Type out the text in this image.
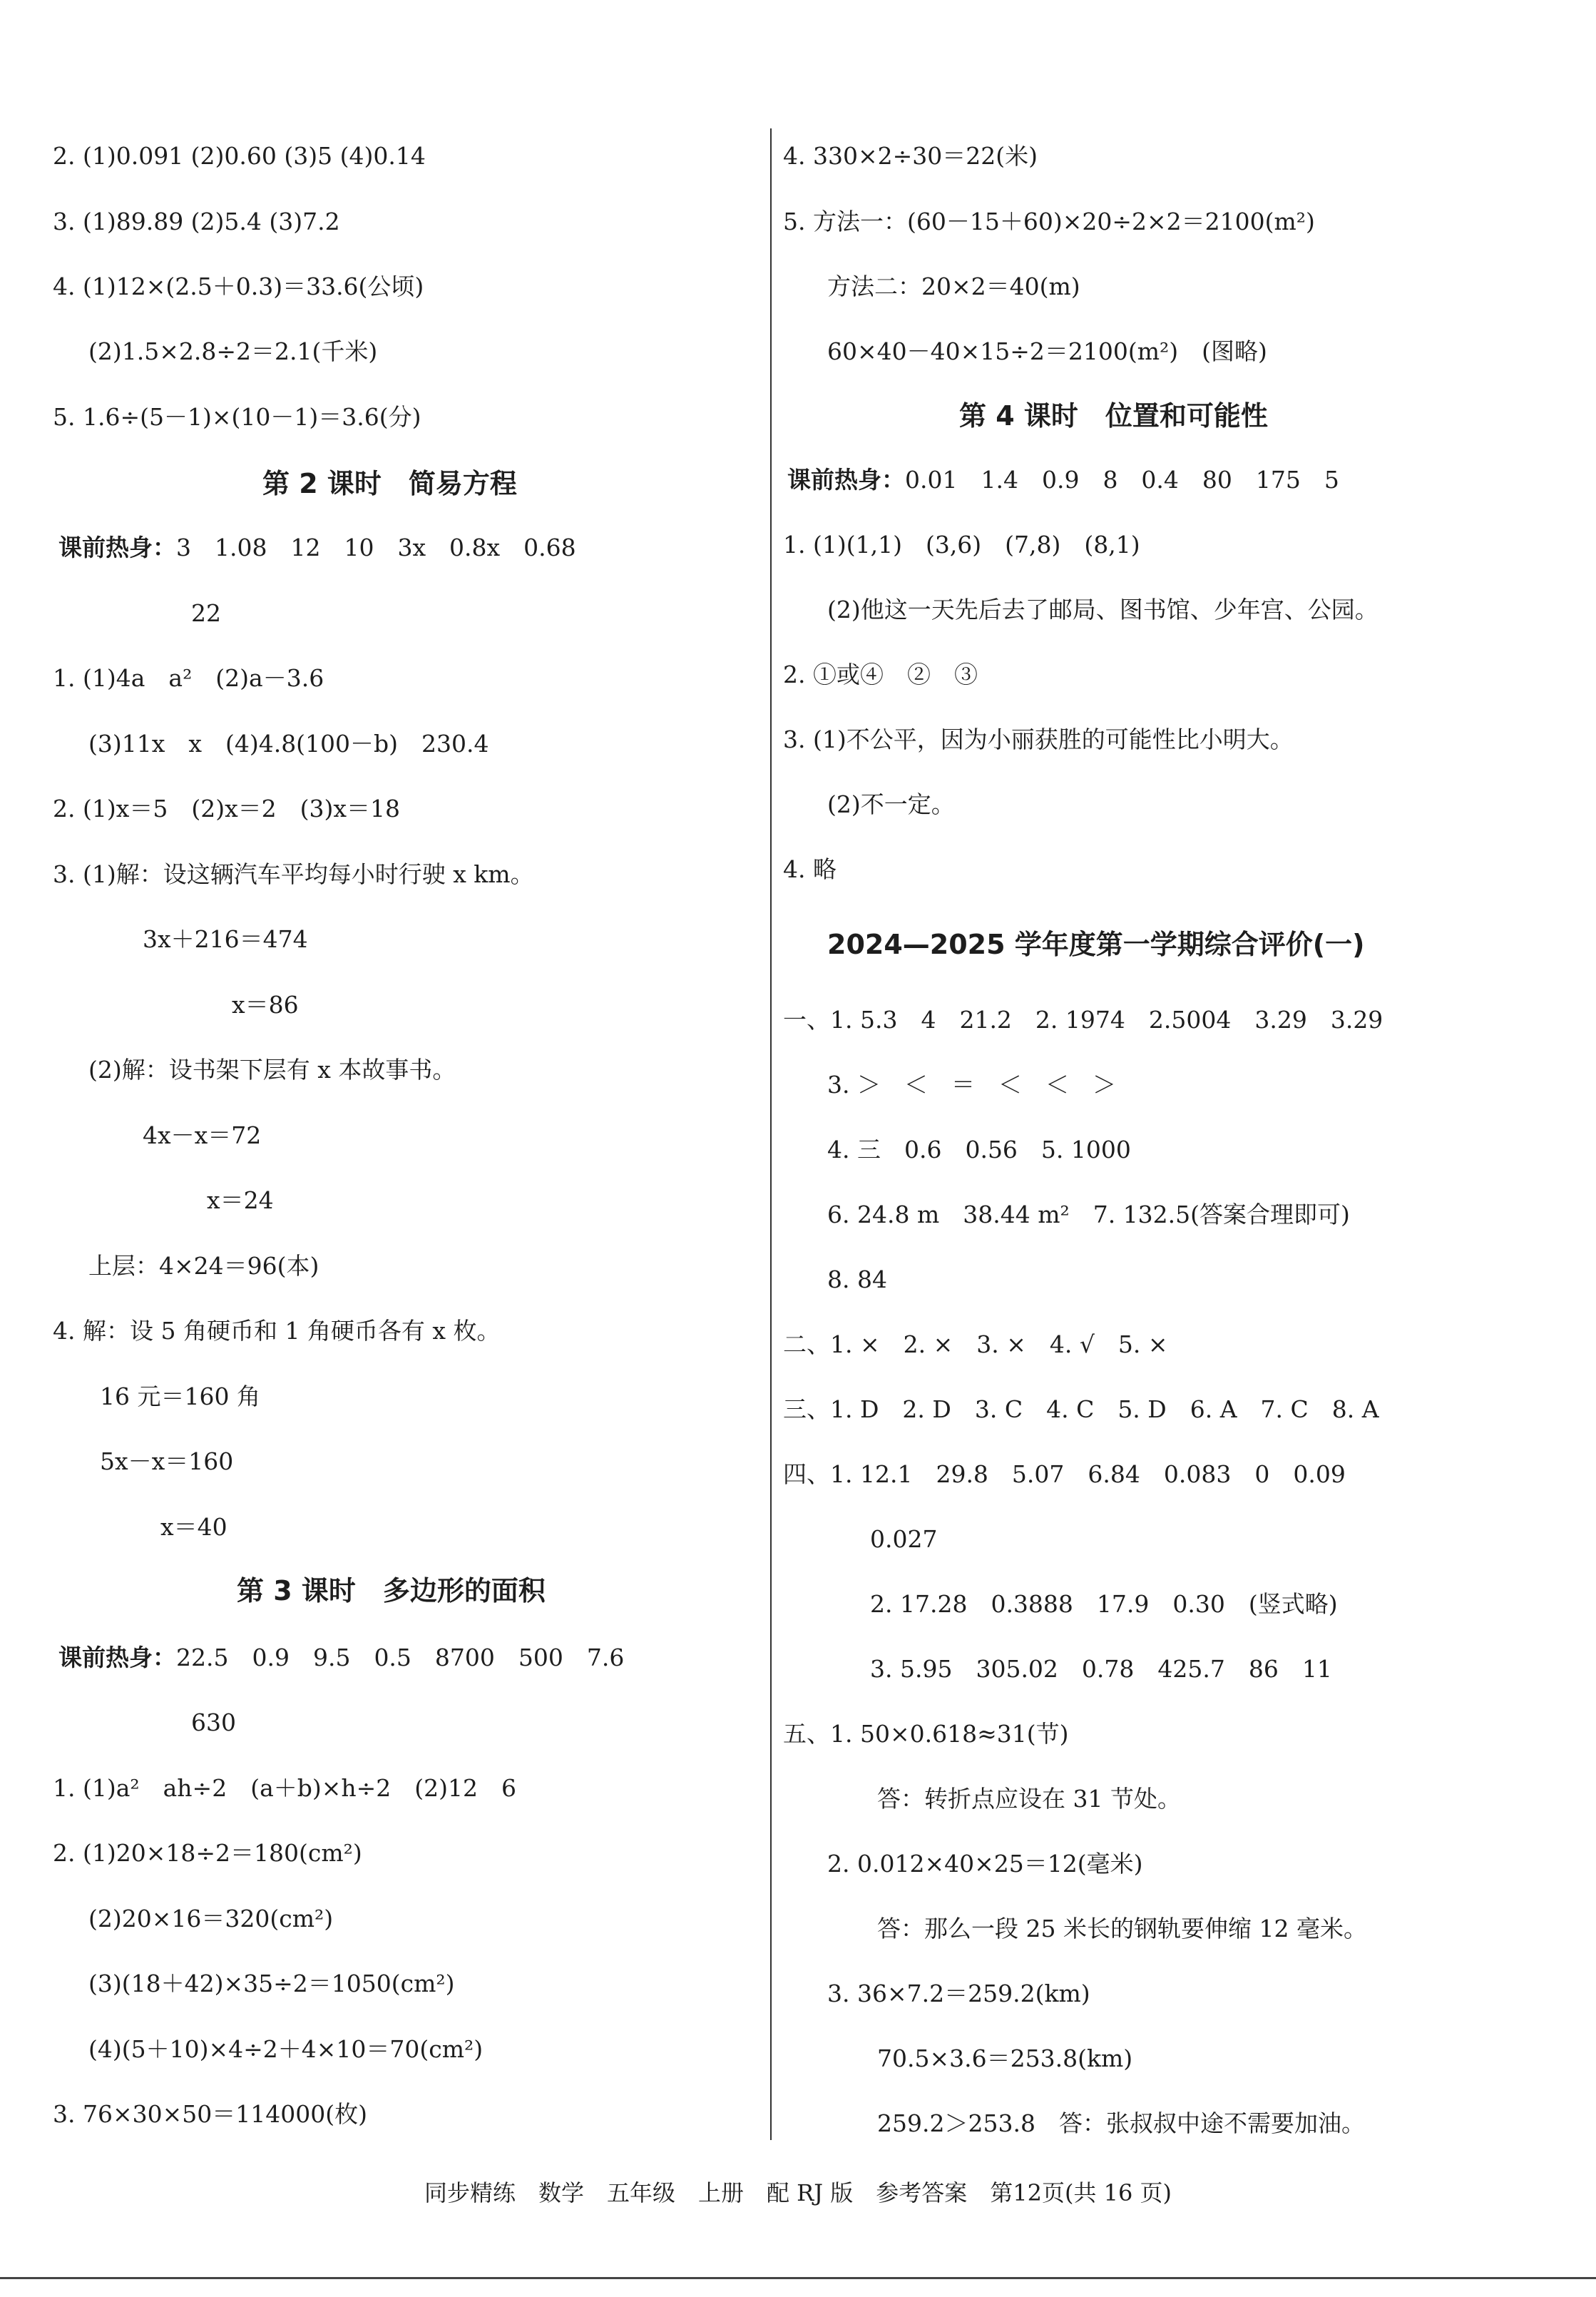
2. (1)0.091 (2)0.60 (3)5 (4)0.14
3. (1)89.89 (2)5.4 (3)7.2
4. (1)12×(2.5＋0.3)＝33.6(公顷)
(2)1.5×2.8÷2＝2.1(千米)
5. 1.6÷(5－1)×(10－1)＝3.6(分)
第 2 课时　简易方程
课前热身：3　1.08　12　10　3x　0.8x　0.68
22
1. (1)4a　a²　(2)a－3.6
(3)11x　x　(4)4.8(100－b)　230.4
2. (1)x＝5　(2)x＝2　(3)x＝18
3. (1)解：设这辆汽车平均每小时行驶 x km。
3x＋216＝474
x＝86
(2)解：设书架下层有 x 本故事书。
4x－x＝72
x＝24
上层：4×24＝96(本)
4. 解：设 5 角硬币和 1 角硬币各有 x 枚。
16 元＝160 角
5x－x＝160
x＝40
第 3 课时　多边形的面积
课前热身：22.5　0.9　9.5　0.5　8700　500　7.6
630
1. (1)a²　ah÷2　(a＋b)×h÷2　(2)12　6
2. (1)20×18÷2＝180(cm²)
(2)20×16＝320(cm²)
(3)(18＋42)×35÷2＝1050(cm²)
(4)(5＋10)×4÷2＋4×10＝70(cm²)
3. 76×30×50＝114000(枚)
4. 330×2÷30＝22(米)
5. 方法一：(60－15＋60)×20÷2×2＝2100(m²)
方法二：20×2＝40(m)
60×40－40×15÷2＝2100(m²)　(图略)
第 4 课时　位置和可能性
课前热身：0.01　1.4　0.9　8　0.4　80　175　5
1. (1)(1,1)　(3,6)　(7,8)　(8,1)
(2)他这一天先后去了邮局、图书馆、少年宫、公园。
2. ①或④　②　③
3. (1)不公平，因为小丽获胜的可能性比小明大。
(2)不一定。
4. 略
2024—2025 学年度第一学期综合评价(一)
一、1. 5.3　4　21.2　2. 1974　2.5004　3.29　3.29
3. ＞　＜　＝　＜　＜　＞
4. 三　0.6　0.56　5. 1000
6. 24.8 m　38.44 m²　7. 132.5(答案合理即可)
8. 84
二、1. ×　2. ×　3. ×　4. √　5. ×
三、1. D　2. D　3. C　4. C　5. D　6. A　7. C　8. A
四、1. 12.1　29.8　5.07　6.84　0.083　0　0.09
0.027
2. 17.28　0.3888　17.9　0.30　(竖式略)
3. 5.95　305.02　0.78　425.7　86　11
五、1. 50×0.618≈31(节)
答：转折点应设在 31 节处。
2. 0.012×40×25＝12(毫米)
答：那么一段 25 米长的钢轨要伸缩 12 毫米。
3. 36×7.2＝259.2(km)
70.5×3.6＝253.8(km)
259.2＞253.8　答：张叔叔中途不需要加油。
同步精练　数学　五年级　上册　配 RJ 版　参考答案　第12页(共 16 页)
